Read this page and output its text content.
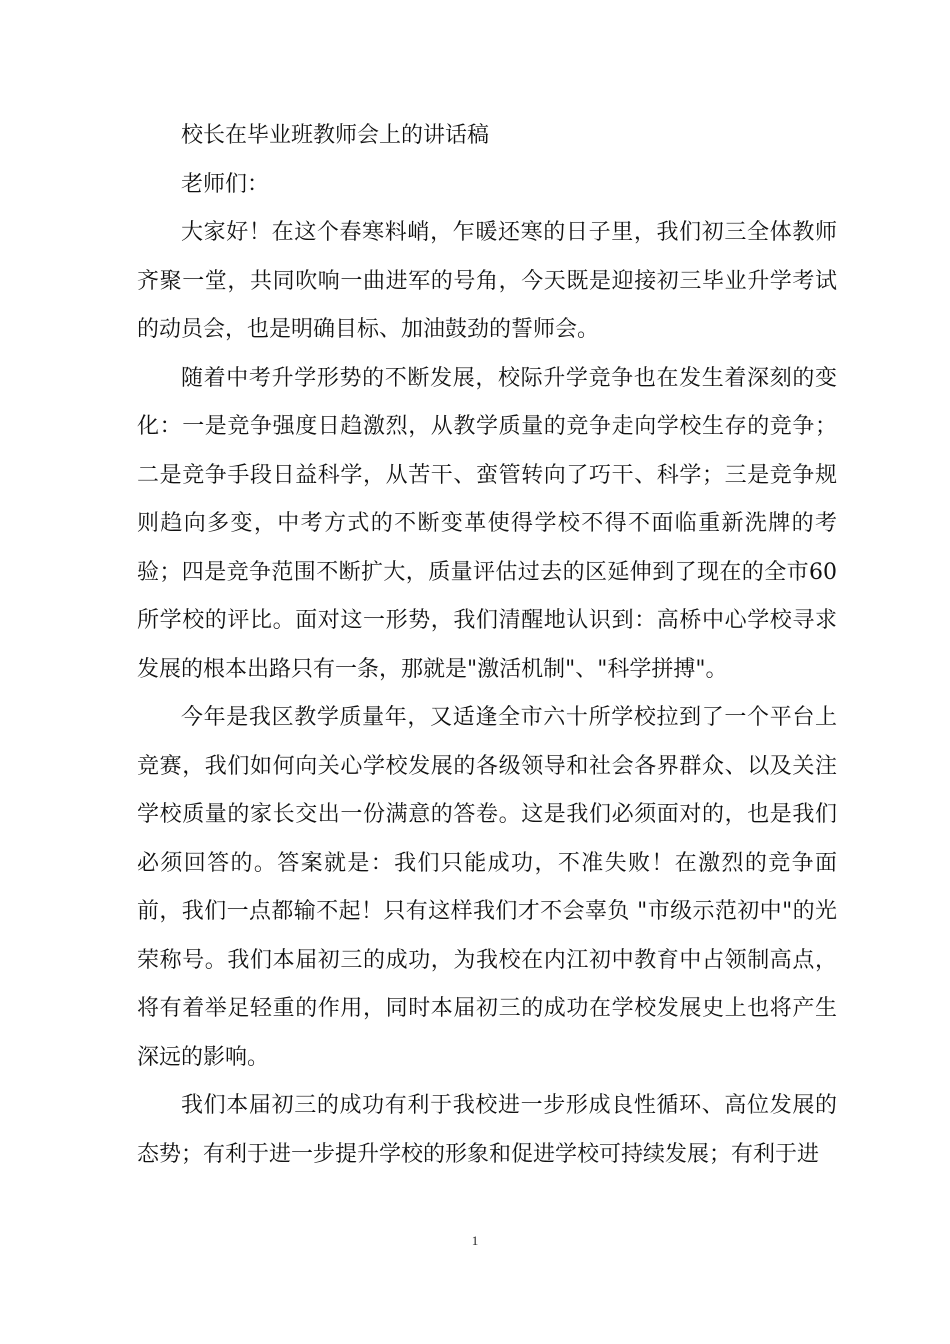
校长在毕业班教师会上的讲话稿

老师们：

大家好！在这个春寒料峭，乍暖还寒的日子里，我们初三全体教师齐聚一堂，共同吹响一曲进军的号角，今天既是迎接初三毕业升学考试的动员会，也是明确目标、加油鼓劲的誓师会。

随着中考升学形势的不断发展，校际升学竞争也在发生着深刻的变化：一是竞争强度日趋激烈，从教学质量的竞争走向学校生存的竞争；二是竞争手段日益科学，从苦干、蛮管转向了巧干、科学；三是竞争规则趋向多变，中考方式的不断变革使得学校不得不面临重新洗牌的考验；四是竞争范围不断扩大，质量评估过去的区延伸到了现在的全市60所学校的评比。面对这一形势，我们清醒地认识到：高桥中心学校寻求发展的根本出路只有一条，那就是"激活机制"、"科学拼搏"。

今年是我区教学质量年，又适逢全市六十所学校拉到了一个平台上竞赛，我们如何向关心学校发展的各级领导和社会各界群众、以及关注学校质量的家长交出一份满意的答卷。这是我们必须面对的，也是我们必须回答的。答案就是：我们只能成功，不准失败！在激烈的竞争面前，我们一点都输不起！只有这样我们才不会辜负 "市级示范初中"的光荣称号。我们本届初三的成功，为我校在内江初中教育中占领制高点，将有着举足轻重的作用，同时本届初三的成功在学校发展史上也将产生深远的影响。

我们本届初三的成功有利于我校进一步形成良性循环、高位发展的态势；有利于进一步提升学校的形象和促进学校可持续发展；有利于进

1
